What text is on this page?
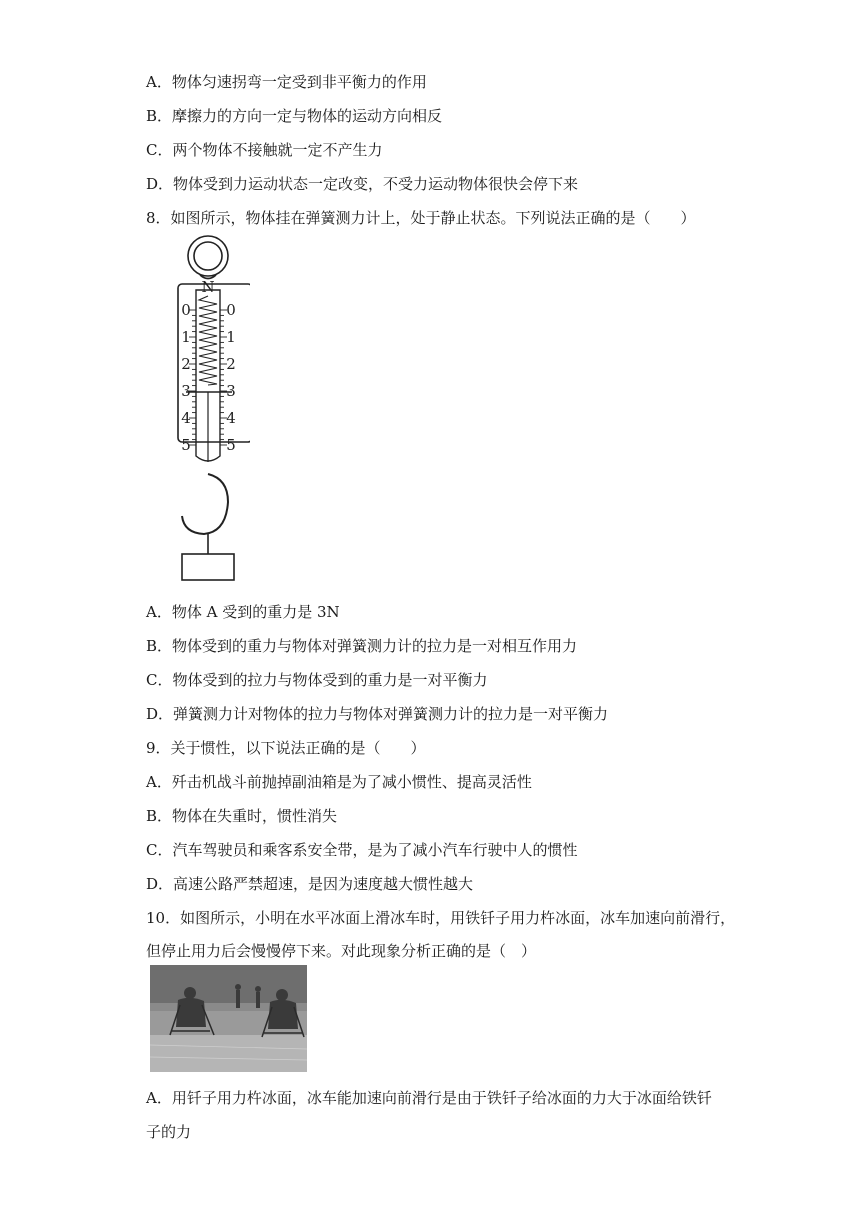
A．物体匀速拐弯一定受到非平衡力的作用
B．摩擦力的方向一定与物体的运动方向相反
C．两个物体不接触就一定不产生力
D．物体受到力运动状态一定改变，不受力运动物体很快会停下来
8．如图所示，物体挂在弹簧测力计上，处于静止状态。下列说法正确的是（　　）
N
0
1
2
3
4
5
0
1
2
3
4
5
A．物体 A 受到的重力是 3N
B．物体受到的重力与物体对弹簧测力计的拉力是一对相互作用力
C．物体受到的拉力与物体受到的重力是一对平衡力
D．弹簧测力计对物体的拉力与物体对弹簧测力计的拉力是一对平衡力
9．关于惯性，以下说法正确的是（　　）
A．歼击机战斗前抛掉副油箱是为了减小惯性、提高灵活性
B．物体在失重时，惯性消失
C．汽车驾驶员和乘客系安全带，是为了减小汽车行驶中人的惯性
D．高速公路严禁超速，是因为速度越大惯性越大
10．如图所示，小明在水平冰面上滑冰车时，用铁钎子用力杵冰面，冰车加速向前滑行，
但停止用力后会慢慢停下来。对此现象分析正确的是（　）
A．用钎子用力杵冰面，冰车能加速向前滑行是由于铁钎子给冰面的力大于冰面给铁钎
子的力
